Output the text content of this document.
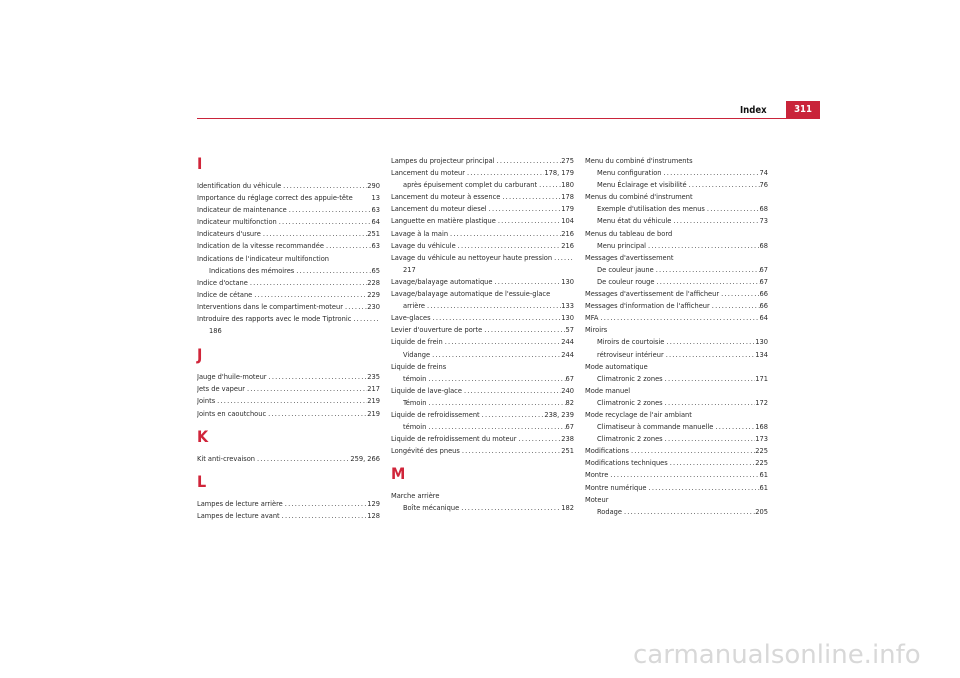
Index	311
I
Identification du véhicule .....	290
Importance du réglage correct des appuie-tête	13
Indicateur de maintenance .....	63
Indicateur multifonction .....	64
Indicateurs d'usure .....	251
Indication de la vitesse recommandée .....	63
Indications de l'indicateur multifonction
Indications des mémoires .....	65
Indice d'octane .....	228
Indice de cétane .....	229
Interventions dans le compartiment-moteur .....	230
Introduire des rapports avec le mode Tiptronic
.....
186
J
Jauge d'huile-moteur .....	235
Jets de vapeur .....	217
Joints .....	219
Joints en caoutchouc .....	219
K
Kit anti-crevaison .....	259, 266
L
Lampes de lecture arrière .....	129
Lampes de lecture avant .....	128
Lampes du projecteur principal .....	275
Lancement du moteur .....	178, 179
après épuisement complet du carburant .....	180
Lancement du moteur à essence .....	178
Lancement du moteur diesel .....	179
Languette en matière plastique .....	104
Lavage à la main .....	216
Lavage du véhicule .....	216
Lavage du véhicule au nettoyeur haute pression
.....
217
Lavage/balayage automatique .....	130
Lavage/balayage automatique de l'essuie-glace
arrière .....	133
Lave-glaces .....	130
Levier d'ouverture de porte .....	57
Liquide de frein .....	244
Vidange .....	244
Liquide de freins
témoin .....	67
Liquide de lave-glace .....	240
Témoin .....	82
Liquide de refroidissement .....	238, 239
témoin .....	67
Liquide de refroidissement du moteur .....	238
Longévité des pneus .....	251
M
Marche arrière
Boîte mécanique .....	182
Menu du combiné d'instruments
Menu configuration .....	74
Menu Éclairage et visibilité .....	76
Menus du combiné d'instrument
Exemple d'utilisation des menus .....	68
Menu état du véhicule .....	73
Menus du tableau de bord
Menu principal .....	68
Messages d'avertissement
De couleur jaune .....	67
De couleur rouge .....	67
Messages d'avertissement de l'afficheur .....	66
Messages d'information de l'afficheur .....	66
MFA .....	64
Miroirs
Miroirs de courtoisie .....	130
rétroviseur intérieur .....	134
Mode automatique
Climatronic 2 zones .....	171
Mode manuel
Climatronic 2 zones .....	172
Mode recyclage de l'air ambiant
Climatiseur à commande manuelle .....	168
Climatronic 2 zones .....	173
Modifications .....	225
Modifications techniques .....	225
Montre .....	61
Montre numérique .....	61
Moteur
Rodage .....	205
carmanualsonline.info
